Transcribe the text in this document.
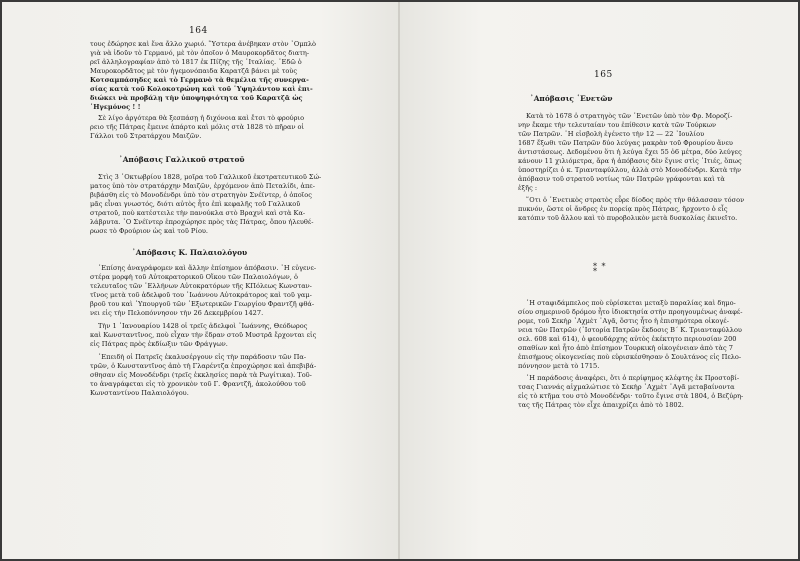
164
τους ἐδώρησε καὶ ἕνα ἄλλο χωριό. ῞Υστερα ἀνέβηκαν στὸν ᾿Ομπλὸ
γιὰ νὰ ἰδοῦν τὸ Γερμανό, μὲ τὸν ὁποῖον ὁ Μαυροκορδᾶτος διατη-
ρεῖ ἀλληλογραφίαν ἀπὸ τὸ 1817 ἐκ Πίζης τῆς ᾿Ιταλίας. ᾿Εδῶ ὁ
Μαυροκορδᾶτος μὲ τὸν ἡγεμονόπαιδα Καρατζᾶ βάνει μὲ τοὺς
Κοτσαμπάσηδες καὶ τὸ Γερμανὸ τὰ θεμέλια τῆς συνεργα-
σίας κατὰ τοῦ Κολοκοτρώνη καὶ τοῦ ῾Υψηλάντου καὶ ἐπι-
διώκει νὰ προβάλῃ τὴν ὑποψηφιότητα τοῦ Καρατζᾶ ὡς
῾Ηγεμόνος ! !
Σὲ λίγο ἀργότερα θὰ ξεσπάσῃ ἡ διχόνοια καὶ ἔτσι τὸ φρούριο
ρειο τῆς Πάτρας ἔμεινε ἀπάρτο καὶ μόλις στὰ 1828 τὸ πῆραν οἱ
Γάλλοι τοῦ Στρατάρχου Μαιζῶν.
᾿Απόβασις Γαλλικοῦ στρατοῦ
Στὶς 3 ᾿Οκτωβρίου 1828, μοῖρα τοῦ Γαλλικοῦ ἐκστρατευτικοῦ Σώ-
ματος ὑπὸ τὸν στρατάρχην Μαιζῶν, ἐρχόμενον ἀπὸ Πεταλίδι, ἀπε-
βιβάσθη εἰς τὸ Μονοδένδρι ὑπὸ τὸν στρατηγὸν Σνέϊντερ, ὁ ὁποῖος
μᾶς εἶναι γνωστός, διότι αὐτὸς ἦτο ἐπὶ κεφαλῆς τοῦ Γαλλικοῦ
στρατοῦ, ποὺ κατέστειλε τὴν πανούκλα στὸ Βραχνὶ καὶ στὰ Κα-
λάβρυτα. ῾Ο Σνέϊντερ ἐπροχώρησε πρὸς τὰς Πάτρας, ὅπου ἠλευθέ-
ρωσε τὸ Φρούριον ὡς καὶ τοῦ Ρίου.
᾿Απόβασις Κ. Παλαιολόγου
᾿Επίσης ἀναγράφομεν καὶ ἄλλην ἐπίσημον ἀπόβασιν. ῾Η εὐγενε-
στέρα μορφὴ τοῦ Αὐτοκρατορικοῦ Οἴκου τῶν Παλαιολόγων, ὁ
τελευταῖος τῶν ῾Ελλήνων Αὐτοκρατόρων τῆς ΚΠόλεως Κωνσταν-
τῖνος μετὰ τοῦ ἀδελφοῦ του ᾿Ιωάννου Αὐτοκράτορος καὶ τοῦ γαμ-
βροῦ του καὶ ῾Υπουργοῦ τῶν ᾿Εξωτερικῶν Γεωργίου Φραντζῆ φθά-
νει εἰς τὴν Πελοπόννησον τὴν 26 Δεκεμβρίου 1427.
Τὴν 1 ᾿Ιανουαρίου 1428 οἱ τρεῖς ἀδελφοὶ ᾿Ιωάννης, Θεόδωρος
καὶ Κωνσταντῖνος, ποὺ εἶχαν τὴν ἕδραν στοῦ Μυστρᾶ ἔρχονται εἰς
εἰς Πάτρας πρὸς ἐκδίωξιν τῶν Φράγγων.
᾿Επειδὴ οἱ Πατρεῖς ἐκαλυσέργουν εἰς τὴν παράδοσιν τῶν Πα-
τρῶν, ὁ Κωνσταντῖνος ἀπὸ τὴ Γλαρέντζα ἐπροχώρησε καὶ ἀπεβιβά-
σθησαν εἰς Μονοδένδρι (τρεῖς ἐκκλησίες παρὰ τὰ Ρωγίτικα). Τοῦ-
το ἀναγράφεται εἰς τὸ χρονικὸν τοῦ Γ. Φραντζῆ, ἀκολούθου τοῦ
Κωνσταντίνου Παλαιολόγου.
165
᾿Απόβασις ῾Ενετῶν
Κατὰ τὸ 1678 ὁ στρατηγὸς τῶν ῾Ενετῶν ὑπὸ τὸν Φρ. Μοροζί-
νην ἔκαμε τὴν τελευταίαν του ἐπίθεσιν κατὰ τῶν Τούρκων
τῶν Πατρῶν. ῾Η εἰσβολὴ ἐγένετο τὴν 12 — 22 ᾿Ιουλίου
1687 ἔξωθι τῶν Πατρῶν δύο λεύγας μακρὰν τοῦ Φρουρίου ἄνευ
ἀντιστάσεως. Δεδομένου ὅτι ἡ λεύγα ἔχει 55 ὀ6 μέτρα, δύο λεύγες
κάνουν 11 χιλιόμετρα, ἄρα ἡ ἀπόβασις δὲν ἔγινε στὶς ᾿Ιτιές, ὅπως
ὑποστηρίζει ὁ κ. Τριανταφύλλου, ἀλλὰ στὸ Μονοδένδρι. Κατὰ τὴν
ἀπόβασιν τοῦ στρατοῦ νοτίως τῶν Πατρῶν γράφονται καὶ τὰ
ἑξῆς :
῞Οτι ὁ ῾Ενετικὸς στρατὸς εὗρε δίοδος πρὸς τὴν θάλασσαν τόσον
πυκνόν, ὥστε οἱ ἄνδρες ἐν πορείᾳ πρὸς Πάτρας, ἤρχοντο ὁ εἷς
κατόπιν τοῦ ἄλλου καὶ τὸ πυροβολικὸν μετὰ δυσκολίας ἐκινεῖτο.
* *
*
῾Η σταφιδάμπελος ποὺ εὑρίσκεται μεταξὺ παραλίας καὶ δημο-
σίου σημερινοῦ δρόμου ἦτο ἰδιοκτησία στὴν προηγουμένως ἀναφέ-
ρομε, τοῦ Σεκὴρ ᾿Αχμὲτ ᾿Αγᾶ, ὅστις ἦτο ἡ ἐπισημότερα οἰκογέ-
νεια τῶν Πατρῶν (῾Ιστορία Πατρῶν ἔκδοσις Β΄ Κ. Τριανταφύλλου
σελ. 608 καὶ 614), ὁ φεουδάρχης αὐτὸς ἐκέκτητο περιουσίαν 200
σπαθίων καὶ ἦτο ἀπὸ ἐπίσημον Τουρκικὴ οἰκογένειαν ἀπὸ τὰς 7
ἐπισήμους οἰκογενείας ποὺ εὑρισκέσθησαν ὁ Σουλτάνος εἰς Πελο-
πόννησον μετὰ τὸ 1715.
῾Η παράδοσις ἀναφέρει, ὅτι ὁ περίφημος κλέφτης ἐκ Προστοβί-
τσας Γιαννάς αἰχμαλώτισε τὸ Σεκὴρ ᾿Αχμὲτ ᾿Αγᾶ μεταβαίνοντα
εἰς τὸ κτῆμα του στὸ Μονοδένδρι· τοῦτο ἔγινε στὰ 1804, ὁ Βεζύρη-
τας τῆς Πάτρας τὸν εἶχε ἀπαιχρίζει ἀπὸ τὸ 1802.
